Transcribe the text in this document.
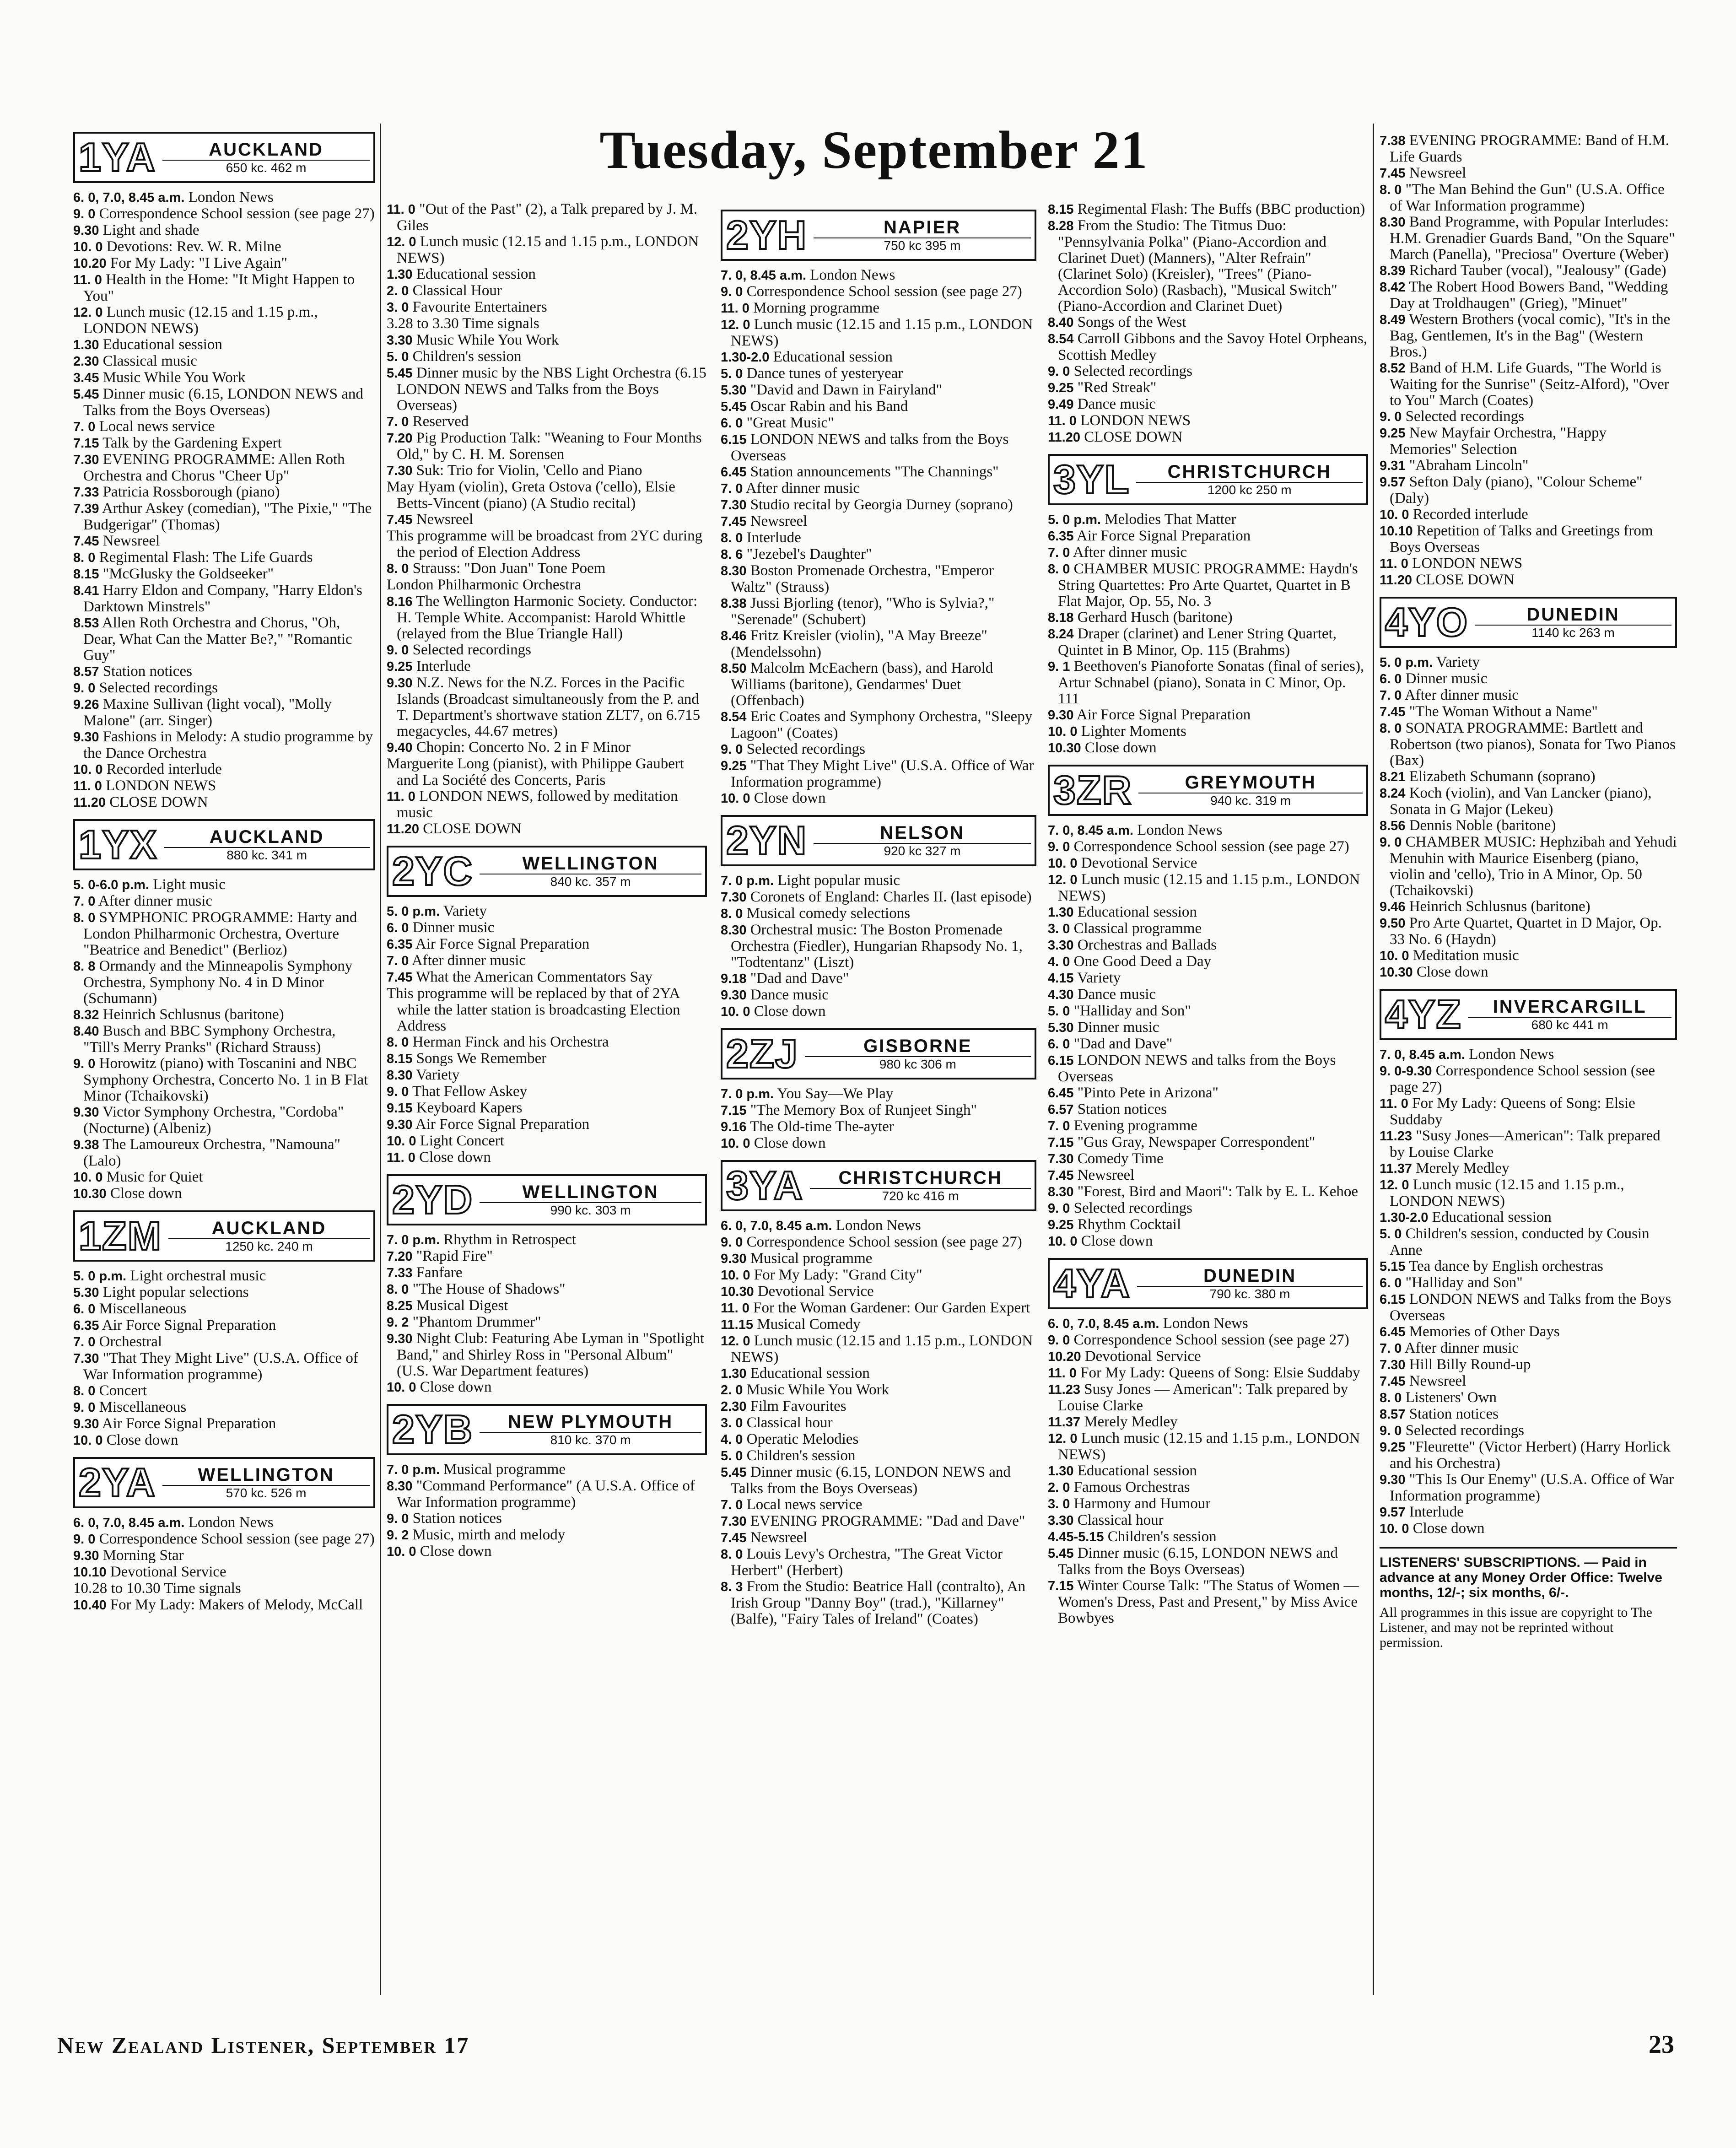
Tuesday, September 21
1YA	AUCKLAND
650 kc. 462 m

6. 0, 7.0, 8.45 a.m. London News

9. 0 Correspondence School session (see page 27)

9.30 Light and shade

10. 0 Devotions: Rev. W. R. Milne

10.20 For My Lady: "I Live Again"

11. 0 Health in the Home: "It Might Happen to You"

12. 0 Lunch music (12.15 and 1.15 p.m., LONDON NEWS)

1.30 Educational session

2.30 Classical music

3.45 Music While You Work

5.45 Dinner music (6.15, LONDON NEWS and Talks from the Boys Overseas)

7. 0 Local news service

7.15 Talk by the Gardening Expert

7.30 EVENING PROGRAMME: Allen Roth Orchestra and Chorus "Cheer Up"

7.33 Patricia Rossborough (piano)

7.39 Arthur Askey (comedian), "The Pixie," "The Budgerigar" (Thomas)

7.45 Newsreel

8. 0 Regimental Flash: The Life Guards

8.15 "McGlusky the Goldseeker"

8.41 Harry Eldon and Company, "Harry Eldon's Darktown Minstrels"

8.53 Allen Roth Orchestra and Chorus, "Oh, Dear, What Can the Matter Be?," "Romantic Guy"

8.57 Station notices

9. 0 Selected recordings

9.26 Maxine Sullivan (light vocal), "Molly Malone" (arr. Singer)

9.30 Fashions in Melody: A studio programme by the Dance Orchestra

10. 0 Recorded interlude

11. 0 LONDON NEWS

11.20 CLOSE DOWN

1YX	AUCKLAND
880 kc. 341 m

5. 0-6.0 p.m. Light music

7. 0 After dinner music

8. 0 SYMPHONIC PROGRAMME: Harty and London Philharmonic Orchestra, Overture "Beatrice and Benedict" (Berlioz)

8. 8 Ormandy and the Minneapolis Symphony Orchestra, Symphony No. 4 in D Minor (Schumann)

8.32 Heinrich Schlusnus (baritone)

8.40 Busch and BBC Symphony Orchestra, "Till's Merry Pranks" (Richard Strauss)

9. 0 Horowitz (piano) with Toscanini and NBC Symphony Orchestra, Concerto No. 1 in B Flat Minor (Tchaikovski)

9.30 Victor Symphony Orchestra, "Cordoba" (Nocturne) (Albeniz)

9.38 The Lamoureux Orchestra, "Namouna" (Lalo)

10. 0 Music for Quiet

10.30 Close down

1ZM	AUCKLAND
1250 kc. 240 m

5. 0 p.m. Light orchestral music

5.30 Light popular selections

6. 0 Miscellaneous

6.35 Air Force Signal Preparation

7. 0 Orchestral

7.30 "That They Might Live" (U.S.A. Office of War Information programme)

8. 0 Concert

9. 0 Miscellaneous

9.30 Air Force Signal Preparation

10. 0 Close down

2YA	WELLINGTON
570 kc. 526 m

6. 0, 7.0, 8.45 a.m. London News

9. 0 Correspondence School session (see page 27)

9.30 Morning Star

10.10 Devotional Service

10.28 to 10.30 Time signals

10.40 For My Lady: Makers of Melody, McCall

11. 0 "Out of the Past" (2), a Talk prepared by J. M. Giles

12. 0 Lunch music (12.15 and 1.15 p.m., LONDON NEWS)

1.30 Educational session

2. 0 Classical Hour

3. 0 Favourite Entertainers

3.28 to 3.30 Time signals

3.30 Music While You Work

5. 0 Children's session

5.45 Dinner music by the NBS Light Orchestra (6.15 LONDON NEWS and Talks from the Boys Overseas)

7. 0 Reserved

7.20 Pig Production Talk: "Weaning to Four Months Old," by C. H. M. Sorensen

7.30 Suk: Trio for Violin, 'Cello and Piano

May Hyam (violin), Greta Ostova ('cello), Elsie Betts-Vincent (piano) (A Studio recital)

7.45 Newsreel

This programme will be broadcast from 2YC during the period of Election Address

8. 0 Strauss: "Don Juan" Tone Poem

London Philharmonic Orchestra

8.16 The Wellington Harmonic Society. Conductor: H. Temple White. Accompanist: Harold Whittle (relayed from the Blue Triangle Hall)

9. 0 Selected recordings

9.25 Interlude

9.30 N.Z. News for the N.Z. Forces in the Pacific Islands (Broadcast simultaneously from the P. and T. Department's shortwave station ZLT7, on 6.715 megacycles, 44.67 metres)

9.40 Chopin: Concerto No. 2 in F Minor

Marguerite Long (pianist), with Philippe Gaubert and La Société des Concerts, Paris

11. 0 LONDON NEWS, followed by meditation music

11.20 CLOSE DOWN

2YC	WELLINGTON
840 kc. 357 m

5. 0 p.m. Variety

6. 0 Dinner music

6.35 Air Force Signal Preparation

7. 0 After dinner music

7.45 What the American Commentators Say

This programme will be replaced by that of 2YA while the latter station is broadcasting Election Address

8. 0 Herman Finck and his Orchestra

8.15 Songs We Remember

8.30 Variety

9. 0 That Fellow Askey

9.15 Keyboard Kapers

9.30 Air Force Signal Preparation

10. 0 Light Concert

11. 0 Close down

2YD	WELLINGTON
990 kc. 303 m

7. 0 p.m. Rhythm in Retrospect

7.20 "Rapid Fire"

7.33 Fanfare

8. 0 "The House of Shadows"

8.25 Musical Digest

9. 2 "Phantom Drummer"

9.30 Night Club: Featuring Abe Lyman in "Spotlight Band," and Shirley Ross in "Personal Album" (U.S. War Department features)

10. 0 Close down

2YB	NEW PLYMOUTH
810 kc. 370 m

7. 0 p.m. Musical programme

8.30 "Command Performance" (A U.S.A. Office of War Information programme)

9. 0 Station notices

9. 2 Music, mirth and melody

10. 0 Close down

2YH	NAPIER
750 kc 395 m

7. 0, 8.45 a.m. London News

9. 0 Correspondence School session (see page 27)

11. 0 Morning programme

12. 0 Lunch music (12.15 and 1.15 p.m., LONDON NEWS)

1.30-2.0 Educational session

5. 0 Dance tunes of yesteryear

5.30 "David and Dawn in Fairyland"

5.45 Oscar Rabin and his Band

6. 0 "Great Music"

6.15 LONDON NEWS and talks from the Boys Overseas

6.45 Station announcements "The Channings"

7. 0 After dinner music

7.30 Studio recital by Georgia Durney (soprano)

7.45 Newsreel

8. 0 Interlude

8. 6 "Jezebel's Daughter"

8.30 Boston Promenade Orchestra, "Emperor Waltz" (Strauss)

8.38 Jussi Bjorling (tenor), "Who is Sylvia?," "Serenade" (Schubert)

8.46 Fritz Kreisler (violin), "A May Breeze" (Mendelssohn)

8.50 Malcolm McEachern (bass), and Harold Williams (baritone), Gendarmes' Duet (Offenbach)

8.54 Eric Coates and Symphony Orchestra, "Sleepy Lagoon" (Coates)

9. 0 Selected recordings

9.25 "That They Might Live" (U.S.A. Office of War Information programme)

10. 0 Close down

2YN	NELSON
920 kc 327 m

7. 0 p.m. Light popular music

7.30 Coronets of England: Charles II. (last episode)

8. 0 Musical comedy selections

8.30 Orchestral music: The Boston Promenade Orchestra (Fiedler), Hungarian Rhapsody No. 1, "Todtentanz" (Liszt)

9.18 "Dad and Dave"

9.30 Dance music

10. 0 Close down

2ZJ	GISBORNE
980 kc 306 m

7. 0 p.m. You Say—We Play

7.15 "The Memory Box of Runjeet Singh"

9.16 The Old-time The-ayter

10. 0 Close down

3YA	CHRISTCHURCH
720 kc 416 m

6. 0, 7.0, 8.45 a.m. London News

9. 0 Correspondence School session (see page 27)

9.30 Musical programme

10. 0 For My Lady: "Grand City"

10.30 Devotional Service

11. 0 For the Woman Gardener: Our Garden Expert

11.15 Musical Comedy

12. 0 Lunch music (12.15 and 1.15 p.m., LONDON NEWS)

1.30 Educational session

2. 0 Music While You Work

2.30 Film Favourites

3. 0 Classical hour

4. 0 Operatic Melodies

5. 0 Children's session

5.45 Dinner music (6.15, LONDON NEWS and Talks from the Boys Overseas)

7. 0 Local news service

7.30 EVENING PROGRAMME: "Dad and Dave"

7.45 Newsreel

8. 0 Louis Levy's Orchestra, "The Great Victor Herbert" (Herbert)

8. 3 From the Studio: Beatrice Hall (contralto), An Irish Group "Danny Boy" (trad.), "Killarney" (Balfe), "Fairy Tales of Ireland" (Coates)

8.15 Regimental Flash: The Buffs (BBC production)

8.28 From the Studio: The Titmus Duo: "Pennsylvania Polka" (Piano-Accordion and Clarinet Duet) (Manners), "Alter Refrain" (Clarinet Solo) (Kreisler), "Trees" (Piano-Accordion Solo) (Rasbach), "Musical Switch" (Piano-Accordion and Clarinet Duet)

8.40 Songs of the West

8.54 Carroll Gibbons and the Savoy Hotel Orpheans, Scottish Medley

9. 0 Selected recordings

9.25 "Red Streak"

9.49 Dance music

11. 0 LONDON NEWS

11.20 CLOSE DOWN

3YL	CHRISTCHURCH
1200 kc 250 m

5. 0 p.m. Melodies That Matter

6.35 Air Force Signal Preparation

7. 0 After dinner music

8. 0 CHAMBER MUSIC PROGRAMME: Haydn's String Quartettes: Pro Arte Quartet, Quartet in B Flat Major, Op. 55, No. 3

8.18 Gerhard Husch (baritone)

8.24 Draper (clarinet) and Lener String Quartet, Quintet in B Minor, Op. 115 (Brahms)

9. 1 Beethoven's Pianoforte Sonatas (final of series), Artur Schnabel (piano), Sonata in C Minor, Op. 111

9.30 Air Force Signal Preparation

10. 0 Lighter Moments

10.30 Close down

3ZR	GREYMOUTH
940 kc. 319 m

7. 0, 8.45 a.m. London News

9. 0 Correspondence School session (see page 27)

10. 0 Devotional Service

12. 0 Lunch music (12.15 and 1.15 p.m., LONDON NEWS)

1.30 Educational session

3. 0 Classical programme

3.30 Orchestras and Ballads

4. 0 One Good Deed a Day

4.15 Variety

4.30 Dance music

5. 0 "Halliday and Son"

5.30 Dinner music

6. 0 "Dad and Dave"

6.15 LONDON NEWS and talks from the Boys Overseas

6.45 "Pinto Pete in Arizona"

6.57 Station notices

7. 0 Evening programme

7.15 "Gus Gray, Newspaper Correspondent"

7.30 Comedy Time

7.45 Newsreel

8.30 "Forest, Bird and Maori": Talk by E. L. Kehoe

9. 0 Selected recordings

9.25 Rhythm Cocktail

10. 0 Close down

4YA	DUNEDIN
790 kc. 380 m

6. 0, 7.0, 8.45 a.m. London News

9. 0 Correspondence School session (see page 27)

10.20 Devotional Service

11. 0 For My Lady: Queens of Song: Elsie Suddaby

11.23 Susy Jones — American": Talk prepared by Louise Clarke

11.37 Merely Medley

12. 0 Lunch music (12.15 and 1.15 p.m., LONDON NEWS)

1.30 Educational session

2. 0 Famous Orchestras

3. 0 Harmony and Humour

3.30 Classical hour

4.45-5.15 Children's session

5.45 Dinner music (6.15, LONDON NEWS and Talks from the Boys Overseas)

7.15 Winter Course Talk: "The Status of Women — Women's Dress, Past and Present," by Miss Avice Bowbyes

7.38 EVENING PROGRAMME: Band of H.M. Life Guards

7.45 Newsreel

8. 0 "The Man Behind the Gun" (U.S.A. Office of War Information programme)

8.30 Band Programme, with Popular Interludes: H.M. Grenadier Guards Band, "On the Square" March (Panella), "Preciosa" Overture (Weber)

8.39 Richard Tauber (vocal), "Jealousy" (Gade)

8.42 The Robert Hood Bowers Band, "Wedding Day at Troldhaugen" (Grieg), "Minuet"

8.49 Western Brothers (vocal comic), "It's in the Bag, Gentlemen, It's in the Bag" (Western Bros.)

8.52 Band of H.M. Life Guards, "The World is Waiting for the Sunrise" (Seitz-Alford), "Over to You" March (Coates)

9. 0 Selected recordings

9.25 New Mayfair Orchestra, "Happy Memories" Selection

9.31 "Abraham Lincoln"

9.57 Sefton Daly (piano), "Colour Scheme" (Daly)

10. 0 Recorded interlude

10.10 Repetition of Talks and Greetings from Boys Overseas

11. 0 LONDON NEWS

11.20 CLOSE DOWN

4YO	DUNEDIN
1140 kc 263 m

5. 0 p.m. Variety

6. 0 Dinner music

7. 0 After dinner music

7.45 "The Woman Without a Name"

8. 0 SONATA PROGRAMME: Bartlett and Robertson (two pianos), Sonata for Two Pianos (Bax)

8.21 Elizabeth Schumann (soprano)

8.24 Koch (violin), and Van Lancker (piano), Sonata in G Major (Lekeu)

8.56 Dennis Noble (baritone)

9. 0 CHAMBER MUSIC: Hephzibah and Yehudi Menuhin with Maurice Eisenberg (piano, violin and 'cello), Trio in A Minor, Op. 50 (Tchaikovski)

9.46 Heinrich Schlusnus (baritone)

9.50 Pro Arte Quartet, Quartet in D Major, Op. 33 No. 6 (Haydn)

10. 0 Meditation music

10.30 Close down

4YZ	INVERCARGILL
680 kc 441 m

7. 0, 8.45 a.m. London News

9. 0-9.30 Correspondence School session (see page 27)

11. 0 For My Lady: Queens of Song: Elsie Suddaby

11.23 "Susy Jones—American": Talk prepared by Louise Clarke

11.37 Merely Medley

12. 0 Lunch music (12.15 and 1.15 p.m., LONDON NEWS)

1.30-2.0 Educational session

5. 0 Children's session, conducted by Cousin Anne

5.15 Tea dance by English orchestras

6. 0 "Halliday and Son"

6.15 LONDON NEWS and Talks from the Boys Overseas

6.45 Memories of Other Days

7. 0 After dinner music

7.30 Hill Billy Round-up

7.45 Newsreel

8. 0 Listeners' Own

8.57 Station notices

9. 0 Selected recordings

9.25 "Fleurette" (Victor Herbert) (Harry Horlick and his Orchestra)

9.30 "This Is Our Enemy" (U.S.A. Office of War Information programme)

9.57 Interlude

10. 0 Close down

LISTENERS' SUBSCRIPTIONS. — Paid in advance at any Money Order Office: Twelve months, 12/-; six months, 6/-.

All programmes in this issue are copyright to The Listener, and may not be reprinted without permission.

New Zealand Listener, September 17	23
